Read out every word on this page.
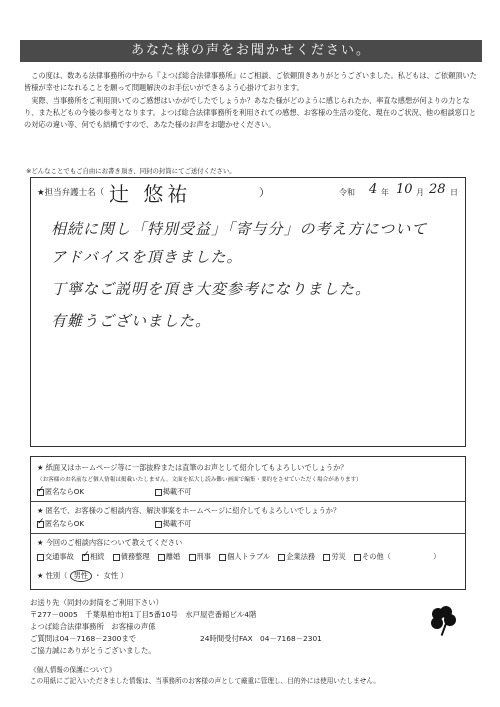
あなた様の声をお聞かせください。

この度は、数ある法律事務所の中から『よつば総合法律事務所』にご相談、ご依頼頂きありがとうございました。私どもは、ご依頼頂いた皆様が幸せになれることを願って問題解決のお手伝いができるよう心掛けております。

実際、当事務所をご利用頂いてのご感想はいかがでしたでしょうか？あなた様がどのように感じられたか、率直な感想が何よりの力となり、また私どもの今後の参考となります。よつば総合法律事務所を利用されての感想、お客様の生活の変化、現在のご状況、他の相談窓口との対応の違い等、何でも結構ですので、あなた様のお声をお聴かせください。

※どんなことでもご自由にお書き頂き、同封の封筒にてご送付ください。
★担当弁護士名（ 辻 悠祐	）	令和 4 年 10 月 28 日
相続に関し「特別受益」「寄与分」の考え方について
アドバイスを頂きました。
丁寧なご説明を頂き大変参考になりました。
有難うございました。
★ 紙面又はホームページ等に一部抜粋または直筆のお声として紹介してもよろしいでしょうか？
（お客様のお名前など個人情報は掲載いたしません。文面を拡大し読み難い画面で編集・要約をさせていただく場合があります）
✓匿名ならOK	掲載不可
★ 匿名で、お客様のご相談内容、解決事案をホームページに紹介してもよろしいでしょうか？
✓匿名ならOK	掲載不可
★ 今回のご相談内容について教えてください
交通事故 ✓ 相続 債務整理 離婚 刑事 個人トラブル 企業法務 労災 その他（	）
★ 性別（ 男性 ・ 女性 ）
お送り先（同封の封筒をご利用下さい）
〒277－0005　千葉県柏市柏1丁目5番10号　水戸屋壱番館ビル4階
よつば総合法律事務所　お客様の声係
ご質問は04－7168－2300まで	24時間受付FAX　04－7168－2301
ご協力誠にありがとうございました。
《個人情報の保護について》
この用紙にご記入いただきました情報は、当事務所のお客様の声として厳重に管理し、目的外には使用いたしません。
